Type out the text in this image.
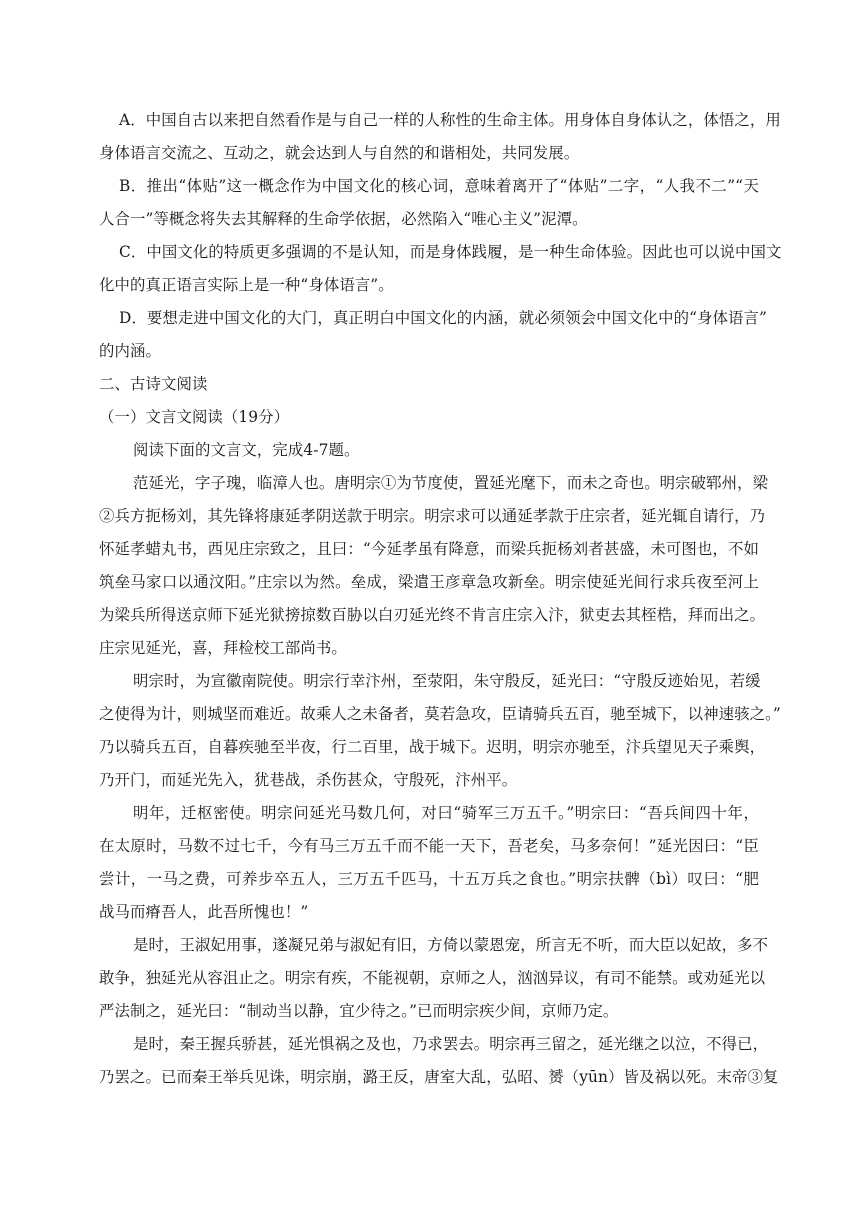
A．中国自古以来把自然看作是与自己一样的人称性的生命主体。用身体自身体认之，体悟之，用
身体语言交流之、互动之，就会达到人与自然的和谐相处，共同发展。
B．推出“体贴”这一概念作为中国文化的核心词，意味着离开了“体贴”二字，“人我不二”“天
人合一”等概念将失去其解释的生命学依据，必然陷入“唯心主义”泥潭。
C．中国文化的特质更多强调的不是认知，而是身体践履，是一种生命体验。因此也可以说中国文
化中的真正语言实际上是一种“身体语言”。
D．要想走进中国文化的大门，真正明白中国文化的内涵，就必须领会中国文化中的“身体语言”
的内涵。
二、古诗文阅读
（一）文言文阅读（19分）
阅读下面的文言文，完成4-7题。
范延光，字子瑰，临漳人也。唐明宗①为节度使，置延光麾下，而未之奇也。明宗破郓州，梁
②兵方扼杨刘，其先锋将康延孝阴送款于明宗。明宗求可以通延孝款于庄宗者，延光辄自请行，乃
怀延孝蜡丸书，西见庄宗致之，且曰：“今延孝虽有降意，而梁兵扼杨刘者甚盛，未可图也，不如
筑垒马家口以通汶阳。”庄宗以为然。垒成，梁遣王彦章急攻新垒。明宗使延光间行求兵夜至河上
为梁兵所得送京师下延光狱搒掠数百胁以白刃延光终不肯言庄宗入汴，狱吏去其桎梏，拜而出之。
庄宗见延光，喜，拜检校工部尚书。
明宗时，为宣徽南院使。明宗行幸汴州，至荥阳，朱守殷反，延光曰：“守殷反迹始见，若缓
之使得为计，则城坚而难近。故乘人之未备者，莫若急攻，臣请骑兵五百，驰至城下，以神速骇之。”
乃以骑兵五百，自暮疾驰至半夜，行二百里，战于城下。迟明，明宗亦驰至，汴兵望见天子乘舆，
乃开门，而延光先入，犹巷战，杀伤甚众，守殷死，汴州平。
明年，迁枢密使。明宗问延光马数几何，对曰“骑军三万五千。”明宗曰：“吾兵间四十年，
在太原时，马数不过七千，今有马三万五千而不能一天下，吾老矣，马多奈何！”延光因曰：“臣
尝计，一马之费，可养步卒五人，三万五千匹马，十五万兵之食也。”明宗扶髀（bì）叹曰：“肥
战马而瘠吾人，此吾所愧也！”
是时，王淑妃用事，遂凝兄弟与淑妃有旧，方倚以蒙恩宠，所言无不听，而大臣以妃故，多不
敢争，独延光从容沮止之。明宗有疾，不能视朝，京师之人，汹汹异议，有司不能禁。或劝延光以
严法制之，延光曰：“制动当以静，宜少待之。”已而明宗疾少间，京师乃定。
是时，秦王握兵骄甚，延光惧祸之及也，乃求罢去。明宗再三留之，延光继之以泣，不得已，
乃罢之。已而秦王举兵见诛，明宗崩，潞王反，唐室大乱，弘昭、赟（yūn）皆及祸以死。末帝③复
